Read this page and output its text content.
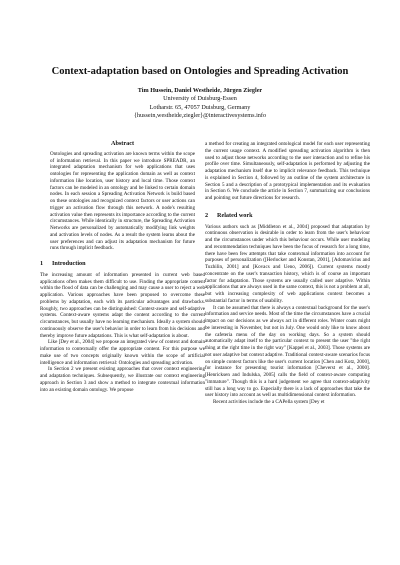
Context-adaptation based on Ontologies and Spreading Activation
Tim Hussein, Daniel Westheide, Jürgen Ziegler
University of Duisburg-Essen
Lotharstr. 65, 47057 Duisburg, Germany
{hussein,westheide,ziegler}@interactivesystems.info
Abstract

Ontologies and spreading activation are known terms within the scope of information retrieval. In this paper we introduce SPREADR, an integrated adaptation mechanism for web applications that uses ontologies for representing the application domain as well as context information like location, user history and local time. Those context factors can be modeled in an ontology and be linked to certain domain nodes. In each session a Spreading Activation Network is build based on these ontologies and recognized context factors or user actions can trigger an activation flow through this network. A node's resulting activation value then represents its importance according to the current circumstances. While identically in structure, the Spreading Activation Networks are personalized by automatically modifying link weights and activation levels of nodes. As a result the system learns about the user preferences and can adjust its adaptation mechanism for future runs through implicit feedback.

1 Introduction

The increasing amount of information presented in current web based applications often makes them difficult to use. Finding the appropriate content within the flood of data can be challenging and may cause a user to reject a web application. Various approaches have been proposed to overcome these problems by adaptation, each with its particular advantages and drawbacks. Roughly, two approaches can be distinguished: Context-aware and self-adaptive systems. Context-aware systems adapt the content according to the current circumstances, but usually have no learning mechanism. Ideally a system should continuously observe the user's behavior in order to learn from his decisions and thereby improve future adaptations. This is what self-adaptation is about.

Like [Dey et al., 2004] we propose an integrated view of context and domain information to contextually offer the appropriate content. For this purpose we make use of two concepts originally known within the scope of artificial intelligence and information retrieval: Ontologies and spreading activation.

In Section 2 we present existing approaches that cover context engineering and adaptation techniques. Subsequently, we illustrate our context engineering approach in Section 3 and show a method to integrate contextual information into an existing domain ontology. We propose

a method for creating an integrated ontological model for each user representing the current usage context. A modified spreading activation algorithm is then used to adjust those networks according to the user interaction and to refine his profile over time. Simultaneously, self-adaptation is performed by adjusting the adaptation mechanism itself due to implicit relevance feedback. This technique is explained in Section 4, followed by an outline of the system architecture in Section 5 and a description of a prototypical implementation and its evaluation in Section 6. We conclude the article in Section 7, summarizing our conclusions and pointing out future directions for research.

2 Related work

Various authors such as [Middleton et al., 2004] proposed that adaptation by continuous observation is desirable in order to learn from the user's behaviour and the circumstances under which this behaviour occurs. While user modeling and recommendation techniques have been the focus of research for a long time, there have been few attempts that take contextual information into account for purposes of personalization ([Herlocker and Konstan, 2001], [Adomavicius and Tuzhilin, 2001] and [Kovacs and Ueno, 2006]). Current systems mostly concentrate on the user's transaction history, which is of course an important factor for adaptation. Those systems are usually called user adaptive. Within applications that are always used in the same context, this is not a problem at all, but with increasing complexity of web applications context becomes a substantial factor in terms of usability.

It can be assumed that there is always a contextual background for the user's information and service needs. Most of the time the circumstances have a crucial impact on our decisions as we always act in different roles. Winter coats might be interesting in November, but not in July. One would only like to know about the cafeteria menu of the day on working days. So a system should automatically adapt itself to the particular context to present the user "the right thing at the right time in the right way" [Kappel et al., 2003]. Those systems are not user adaptive but context adaptive. Traditional context-aware scenarios focus on simple context factors like the user's current location [Chen and Kotz, 2000], for instance for presenting tourist information [Cheverst et al., 2000]. [Henricksen and Indulska, 2005] calls the field of context-aware computing "immature". Though this is a hard judgement we agree that context-adaptivity still has a long way to go. Especially there is a lack of approaches that take the user history into account as well as multidimensional context information.

Recent activities include the a CAPella system [Dey et
